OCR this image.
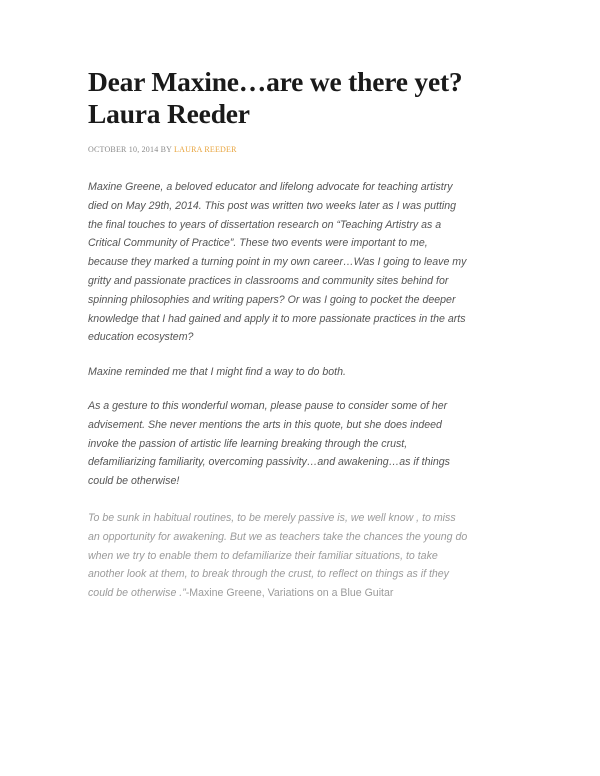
Dear Maxine…are we there yet?
Laura Reeder
OCTOBER 10, 2014 BY LAURA REEDER

Maxine Greene, a beloved educator and lifelong advocate for teaching artistry
died on May 29th, 2014. This post was written two weeks later as I was putting
the final touches to years of dissertation research on “Teaching Artistry as a
Critical Community of Practice”. These two events were important to me,
because they marked a turning point in my own career…Was I going to leave my
gritty and passionate practices in classrooms and community sites behind for
spinning philosophies and writing papers? Or was I going to pocket the deeper
knowledge that I had gained and apply it to more passionate practices in the arts
education ecosystem?

Maxine reminded me that I might find a way to do both.

As a gesture to this wonderful woman, please pause to consider some of her
advisement. She never mentions the arts in this quote, but she does indeed
invoke the passion of artistic life learning breaking through the crust,
defamiliarizing familiarity, overcoming passivity…and awakening…as if things
could be otherwise!

To be sunk in habitual routines, to be merely passive is, we well know , to miss
an opportunity for awakening. But we as teachers take the chances the young do
when we try to enable them to defamiliarize their familiar situations, to take
another look at them, to break through the crust, to reflect on things as if they
could be otherwise .”-Maxine Greene, Variations on a Blue Guitar
